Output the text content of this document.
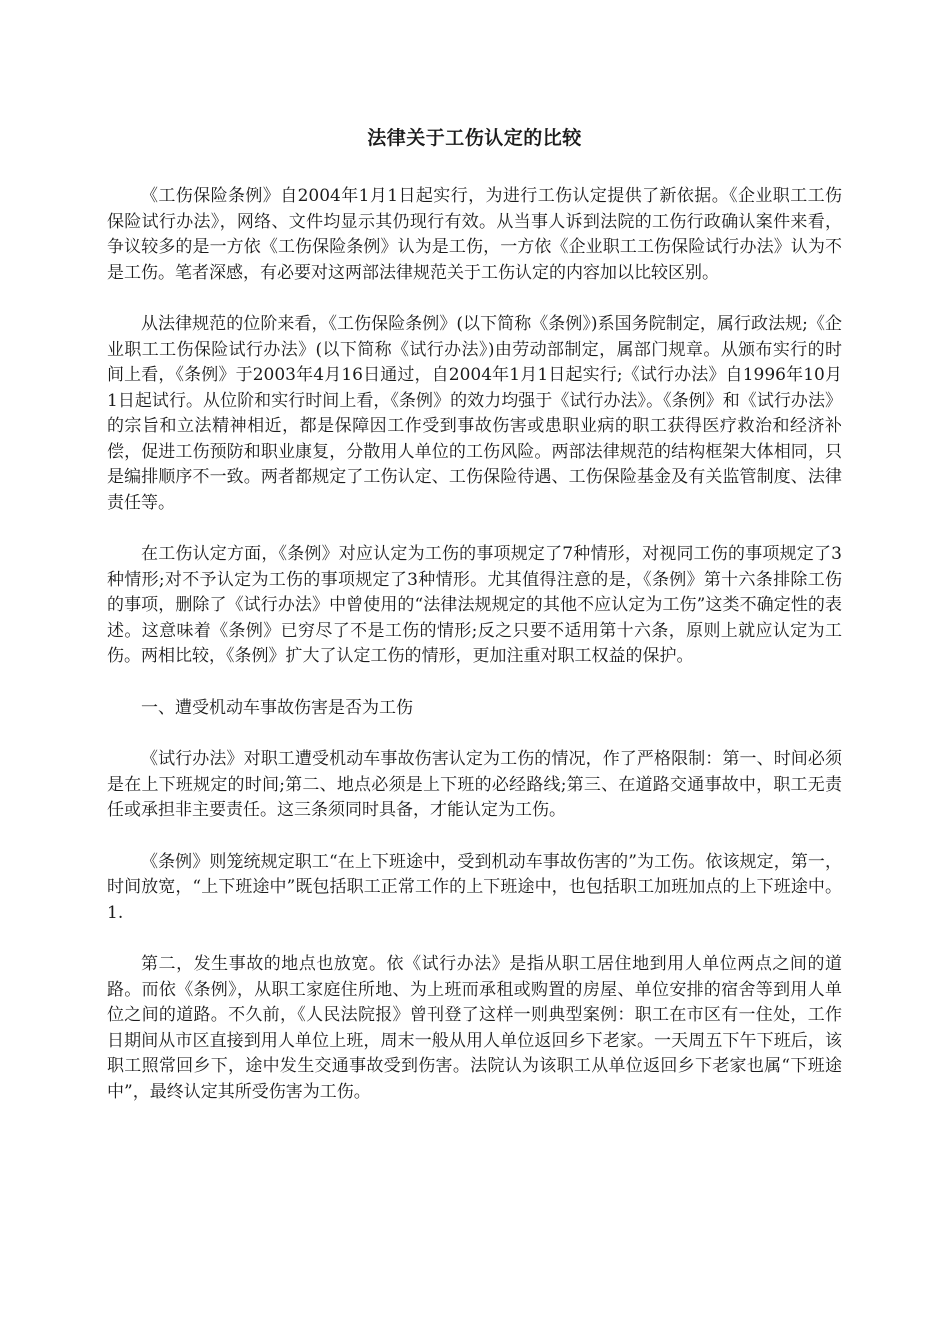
法律关于工伤认定的比较

《工伤保险条例》自2004年1月1日起实行，为进行工伤认定提供了新依据。《企业职工工伤保险试行办法》，网络、文件均显示其仍现行有效。从当事人诉到法院的工伤行政确认案件来看，争议较多的是一方依《工伤保险条例》认为是工伤，一方依《企业职工工伤保险试行办法》认为不是工伤。笔者深感，有必要对这两部法律规范关于工伤认定的内容加以比较区别。

从法律规范的位阶来看，《工伤保险条例》(以下简称《条例》)系国务院制定，属行政法规;《企业职工工伤保险试行办法》(以下简称《试行办法》)由劳动部制定，属部门规章。从颁布实行的时间上看，《条例》于2003年4月16日通过，自2004年1月1日起实行;《试行办法》自1996年10月1日起试行。从位阶和实行时间上看，《条例》的效力均强于《试行办法》。《条例》和《试行办法》的宗旨和立法精神相近，都是保障因工作受到事故伤害或患职业病的职工获得医疗救治和经济补偿，促进工伤预防和职业康复，分散用人单位的工伤风险。两部法律规范的结构框架大体相同，只是编排顺序不一致。两者都规定了工伤认定、工伤保险待遇、工伤保险基金及有关监管制度、法律责任等。

在工伤认定方面，《条例》对应认定为工伤的事项规定了7种情形，对视同工伤的事项规定了3种情形;对不予认定为工伤的事项规定了3种情形。尤其值得注意的是，《条例》第十六条排除工伤的事项，删除了《试行办法》中曾使用的“法律法规规定的其他不应认定为工伤”这类不确定性的表述。这意味着《条例》已穷尽了不是工伤的情形;反之只要不适用第十六条，原则上就应认定为工伤。两相比较，《条例》扩大了认定工伤的情形，更加注重对职工权益的保护。

一、遭受机动车事故伤害是否为工伤

《试行办法》对职工遭受机动车事故伤害认定为工伤的情况，作了严格限制：第一、时间必须是在上下班规定的时间;第二、地点必须是上下班的必经路线;第三、在道路交通事故中，职工无责任或承担非主要责任。这三条须同时具备，才能认定为工伤。

《条例》则笼统规定职工“在上下班途中，受到机动车事故伤害的”为工伤。依该规定，第一，时间放宽，“上下班途中”既包括职工正常工作的上下班途中，也包括职工加班加点的上下班途中。 1.

第二，发生事故的地点也放宽。依《试行办法》是指从职工居住地到用人单位两点之间的道路。而依《条例》，从职工家庭住所地、为上班而承租或购置的房屋、单位安排的宿舍等到用人单位之间的道路。不久前，《人民法院报》曾刊登了这样一则典型案例：职工在市区有一住处，工作日期间从市区直接到用人单位上班，周末一般从用人单位返回乡下老家。一天周五下午下班后，该职工照常回乡下，途中发生交通事故受到伤害。法院认为该职工从单位返回乡下老家也属“下班途中”，最终认定其所受伤害为工伤。
